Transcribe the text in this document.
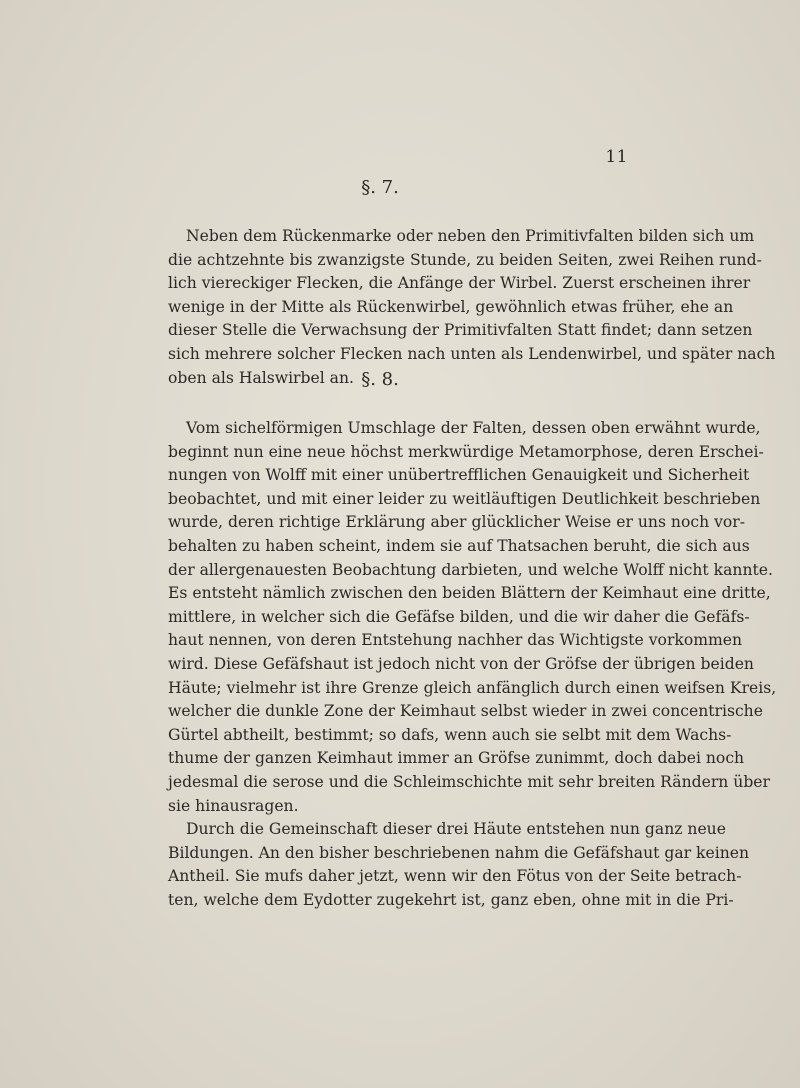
11
§. 7.
Neben dem Rückenmarke oder neben den Primitivfalten bilden sich um
die achtzehnte bis zwanzigste Stunde, zu beiden Seiten, zwei Reihen rund-
lich viereckiger Flecken, die Anfänge der Wirbel. Zuerst erscheinen ihrer
wenige in der Mitte als Rückenwirbel, gewöhnlich etwas früher, ehe an
dieser Stelle die Verwachsung der Primitivfalten Statt findet; dann setzen
sich mehrere solcher Flecken nach unten als Lendenwirbel, und später nach
oben als Halswirbel an. §. 8.
Vom sichelförmigen Umschlage der Falten, dessen oben erwähnt wurde,
beginnt nun eine neue höchst merkwürdige Metamorphose, deren Erschei-
nungen von Wolff mit einer unübertrefflichen Genauigkeit und Sicherheit
beobachtet, und mit einer leider zu weitläuftigen Deutlichkeit beschrieben
wurde, deren richtige Erklärung aber glücklicher Weise er uns noch vor-
behalten zu haben scheint, indem sie auf Thatsachen beruht, die sich aus
der allergenauesten Beobachtung darbieten, und welche Wolff nicht kannte.
Es entsteht nämlich zwischen den beiden Blättern der Keimhaut eine dritte,
mittlere, in welcher sich die Gefäfse bilden, und die wir daher die Gefäfs-
haut nennen, von deren Entstehung nachher das Wichtigste vorkommen
wird. Diese Gefäfshaut ist jedoch nicht von der Gröfse der übrigen beiden
Häute; vielmehr ist ihre Grenze gleich anfänglich durch einen weifsen Kreis,
welcher die dunkle Zone der Keimhaut selbst wieder in zwei concentrische
Gürtel abtheilt, bestimmt; so dafs, wenn auch sie selbt mit dem Wachs-
thume der ganzen Keimhaut immer an Gröfse zunimmt, doch dabei noch
jedesmal die serose und die Schleimschichte mit sehr breiten Rändern über
sie hinausragen.
Durch die Gemeinschaft dieser drei Häute entstehen nun ganz neue
Bildungen. An den bisher beschriebenen nahm die Gefäfshaut gar keinen
Antheil. Sie mufs daher jetzt, wenn wir den Fötus von der Seite betrach-
ten, welche dem Eydotter zugekehrt ist, ganz eben, ohne mit in die Pri-
